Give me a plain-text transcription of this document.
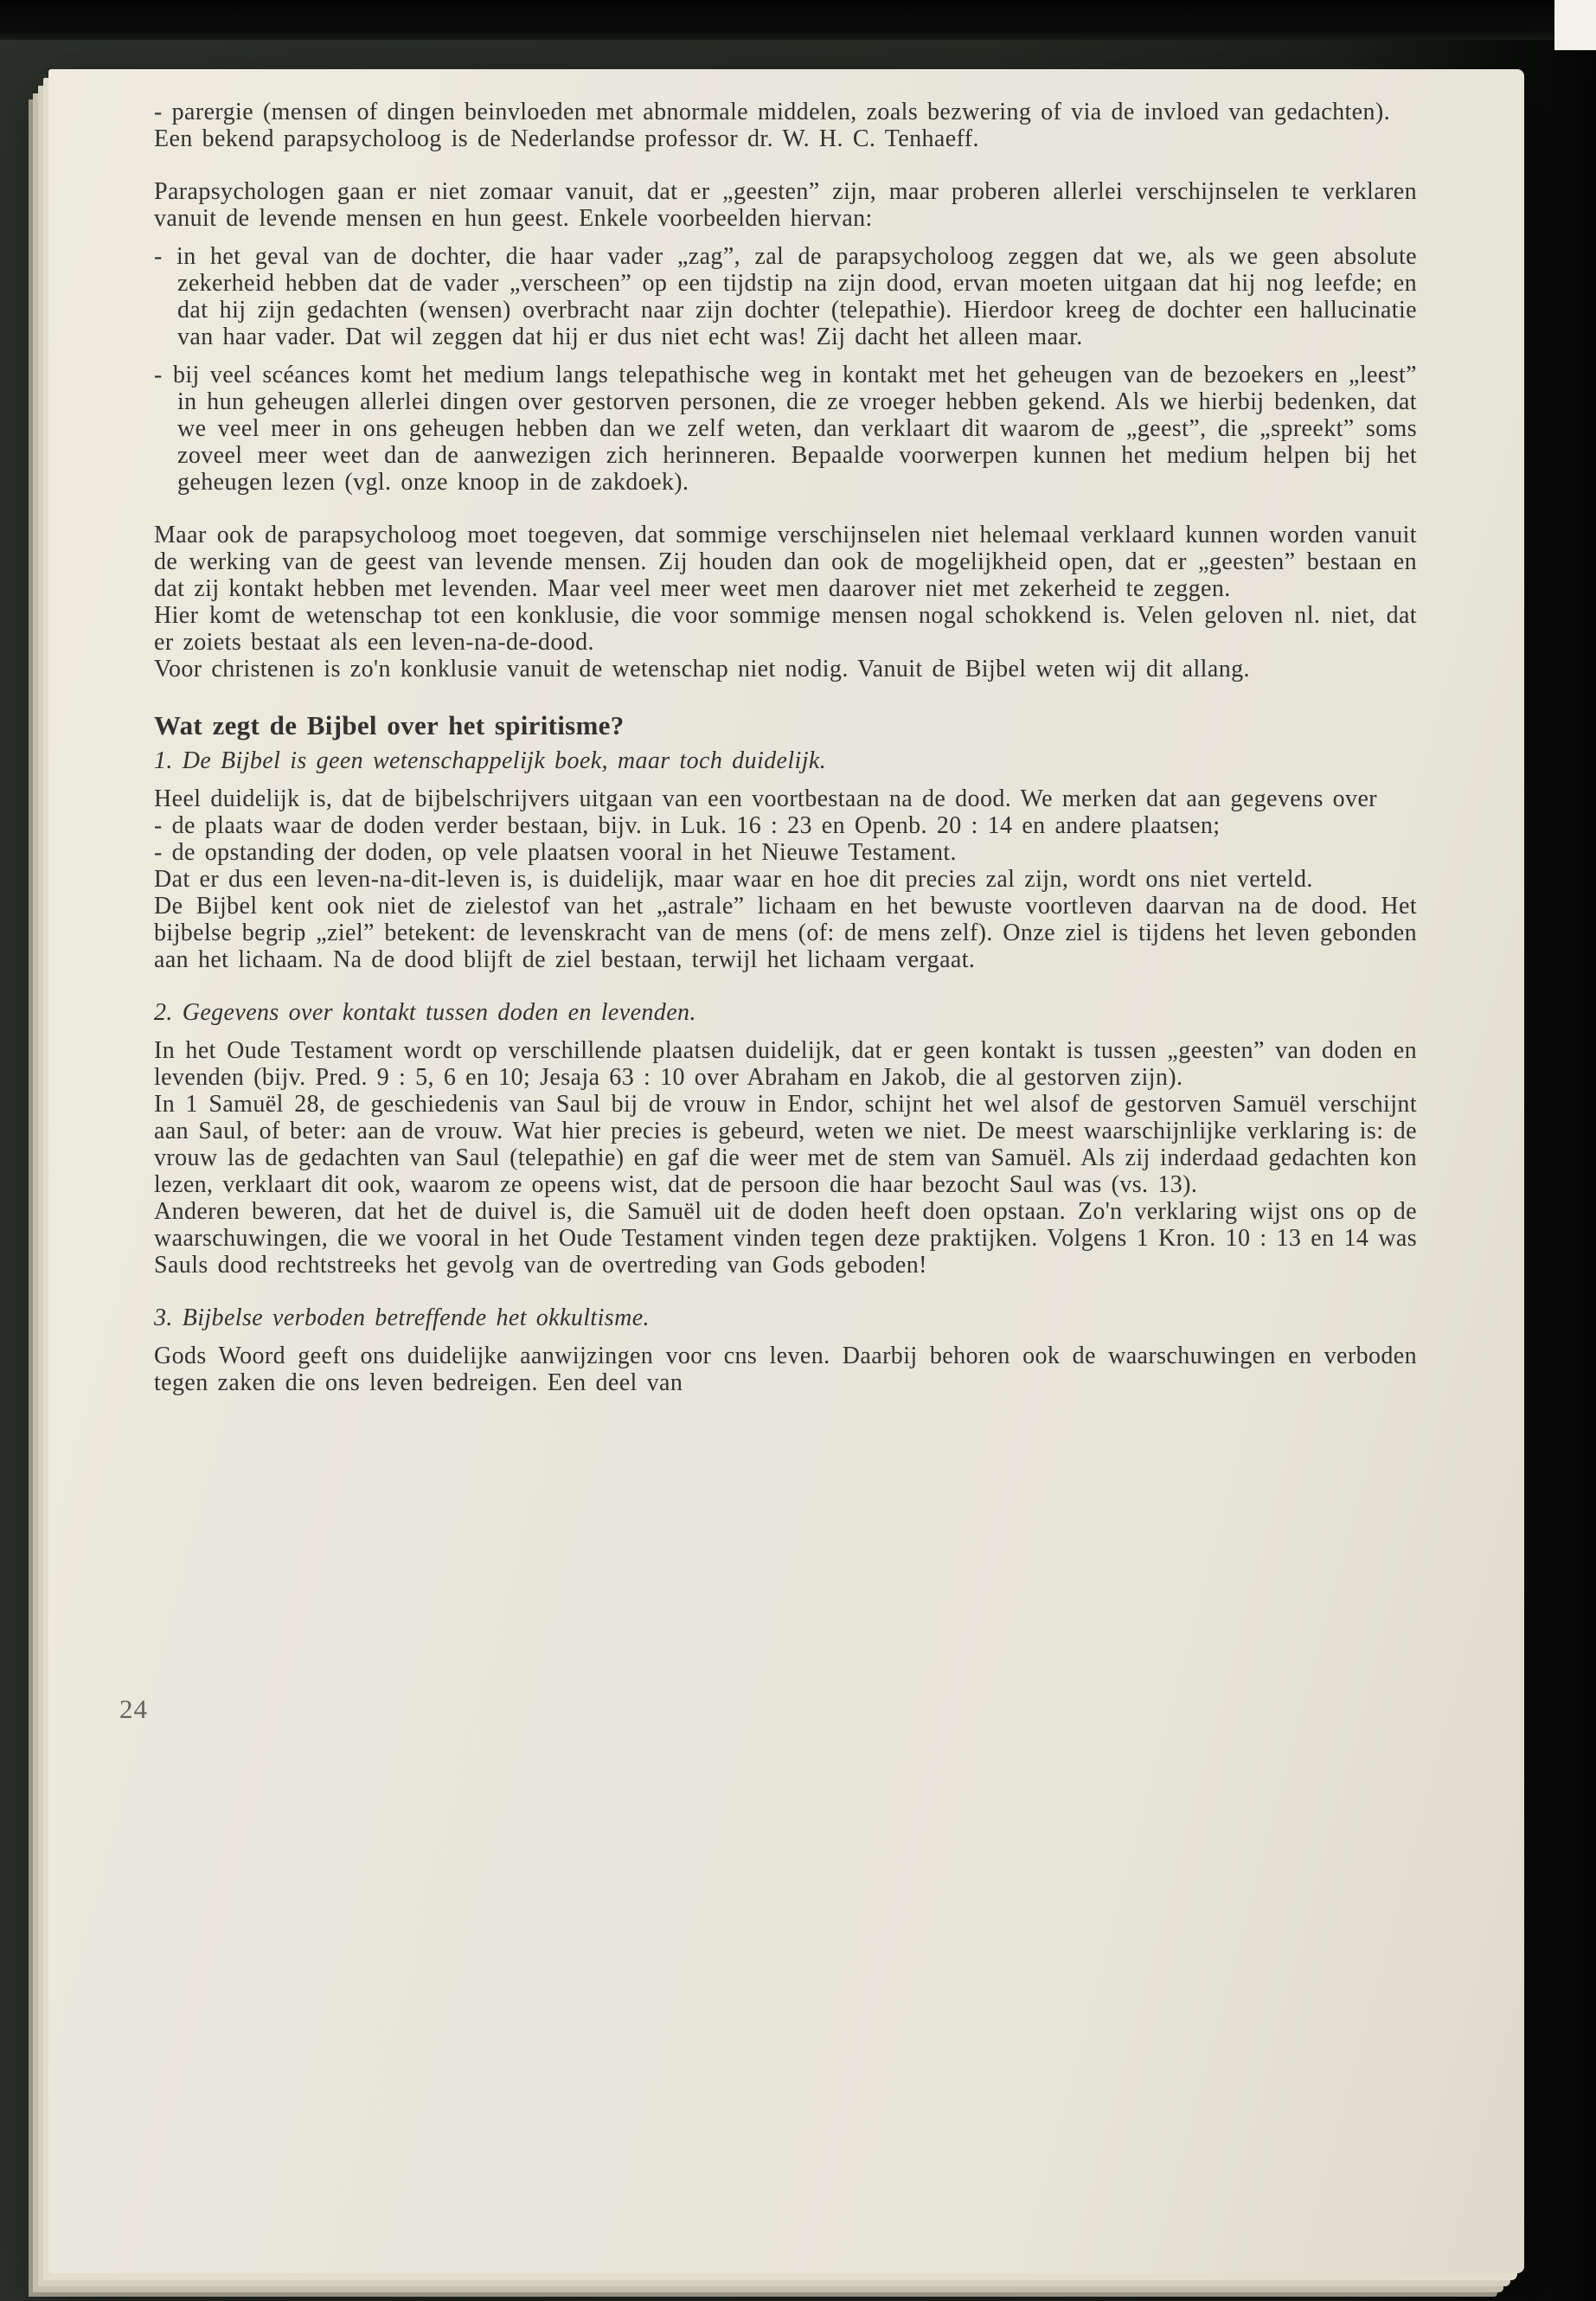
- parergie (mensen of dingen beinvloeden met abnormale middelen, zoals bezwering of via de invloed van gedachten).

Een bekend parapsycholoog is de Nederlandse professor dr. W. H. C. Tenhaeff.

Parapsychologen gaan er niet zomaar vanuit, dat er „geesten” zijn, maar proberen allerlei verschijnselen te verklaren vanuit de levende mensen en hun geest. Enkele voorbeelden hiervan:

- in het geval van de dochter, die haar vader „zag”, zal de parapsycholoog zeggen dat we, als we geen absolute zekerheid hebben dat de vader „verscheen” op een tijdstip na zijn dood, ervan moeten uitgaan dat hij nog leefde; en dat hij zijn gedachten (wensen) overbracht naar zijn dochter (telepathie). Hierdoor kreeg de dochter een hallucinatie van haar vader. Dat wil zeggen dat hij er dus niet echt was! Zij dacht het alleen maar.

- bij veel scéances komt het medium langs telepathische weg in kontakt met het geheugen van de bezoekers en „leest” in hun geheugen allerlei dingen over gestorven personen, die ze vroeger hebben gekend. Als we hierbij bedenken, dat we veel meer in ons geheugen hebben dan we zelf weten, dan verklaart dit waarom de „geest”, die „spreekt” soms zoveel meer weet dan de aanwezigen zich herinneren. Bepaalde voorwerpen kunnen het medium helpen bij het geheugen lezen (vgl. onze knoop in de zakdoek).

Maar ook de parapsycholoog moet toegeven, dat sommige verschijnselen niet helemaal verklaard kunnen worden vanuit de werking van de geest van levende mensen. Zij houden dan ook de mogelijkheid open, dat er „geesten” bestaan en dat zij kontakt hebben met levenden. Maar veel meer weet men daarover niet met zekerheid te zeggen.

Hier komt de wetenschap tot een konklusie, die voor sommige mensen nogal schokkend is. Velen geloven nl. niet, dat er zoiets bestaat als een leven-na-de-dood.

Voor christenen is zo'n konklusie vanuit de wetenschap niet nodig. Vanuit de Bijbel weten wij dit allang.

Wat zegt de Bijbel over het spiritisme?

1. De Bijbel is geen wetenschappelijk boek, maar toch duidelijk.

Heel duidelijk is, dat de bijbelschrijvers uitgaan van een voortbestaan na de dood. We merken dat aan gegevens over

- de plaats waar de doden verder bestaan, bijv. in Luk. 16 : 23 en Openb. 20 : 14 en andere plaatsen;

- de opstanding der doden, op vele plaatsen vooral in het Nieuwe Testament.

Dat er dus een leven-na-dit-leven is, is duidelijk, maar waar en hoe dit precies zal zijn, wordt ons niet verteld.

De Bijbel kent ook niet de zielestof van het „astrale” lichaam en het bewuste voortleven daarvan na de dood. Het bijbelse begrip „ziel” betekent: de levenskracht van de mens (of: de mens zelf). Onze ziel is tijdens het leven gebonden aan het lichaam. Na de dood blijft de ziel bestaan, terwijl het lichaam vergaat.

2. Gegevens over kontakt tussen doden en levenden.

In het Oude Testament wordt op verschillende plaatsen duidelijk, dat er geen kontakt is tussen „geesten” van doden en levenden (bijv. Pred. 9 : 5, 6 en 10; Jesaja 63 : 10 over Abraham en Jakob, die al gestorven zijn).

In 1 Samuël 28, de geschiedenis van Saul bij de vrouw in Endor, schijnt het wel alsof de gestorven Samuël verschijnt aan Saul, of beter: aan de vrouw. Wat hier precies is gebeurd, weten we niet. De meest waarschijnlijke verklaring is: de vrouw las de gedachten van Saul (telepathie) en gaf die weer met de stem van Samuël. Als zij inderdaad gedachten kon lezen, verklaart dit ook, waarom ze opeens wist, dat de persoon die haar bezocht Saul was (vs. 13).

Anderen beweren, dat het de duivel is, die Samuël uit de doden heeft doen opstaan. Zo'n verklaring wijst ons op de waarschuwingen, die we vooral in het Oude Testament vinden tegen deze praktijken. Volgens 1 Kron. 10 : 13 en 14 was Sauls dood rechtstreeks het gevolg van de overtreding van Gods geboden!

3. Bijbelse verboden betreffende het okkultisme.

Gods Woord geeft ons duidelijke aanwijzingen voor cns leven. Daarbij behoren ook de waarschuwingen en verboden tegen zaken die ons leven bedreigen. Een deel van

24
